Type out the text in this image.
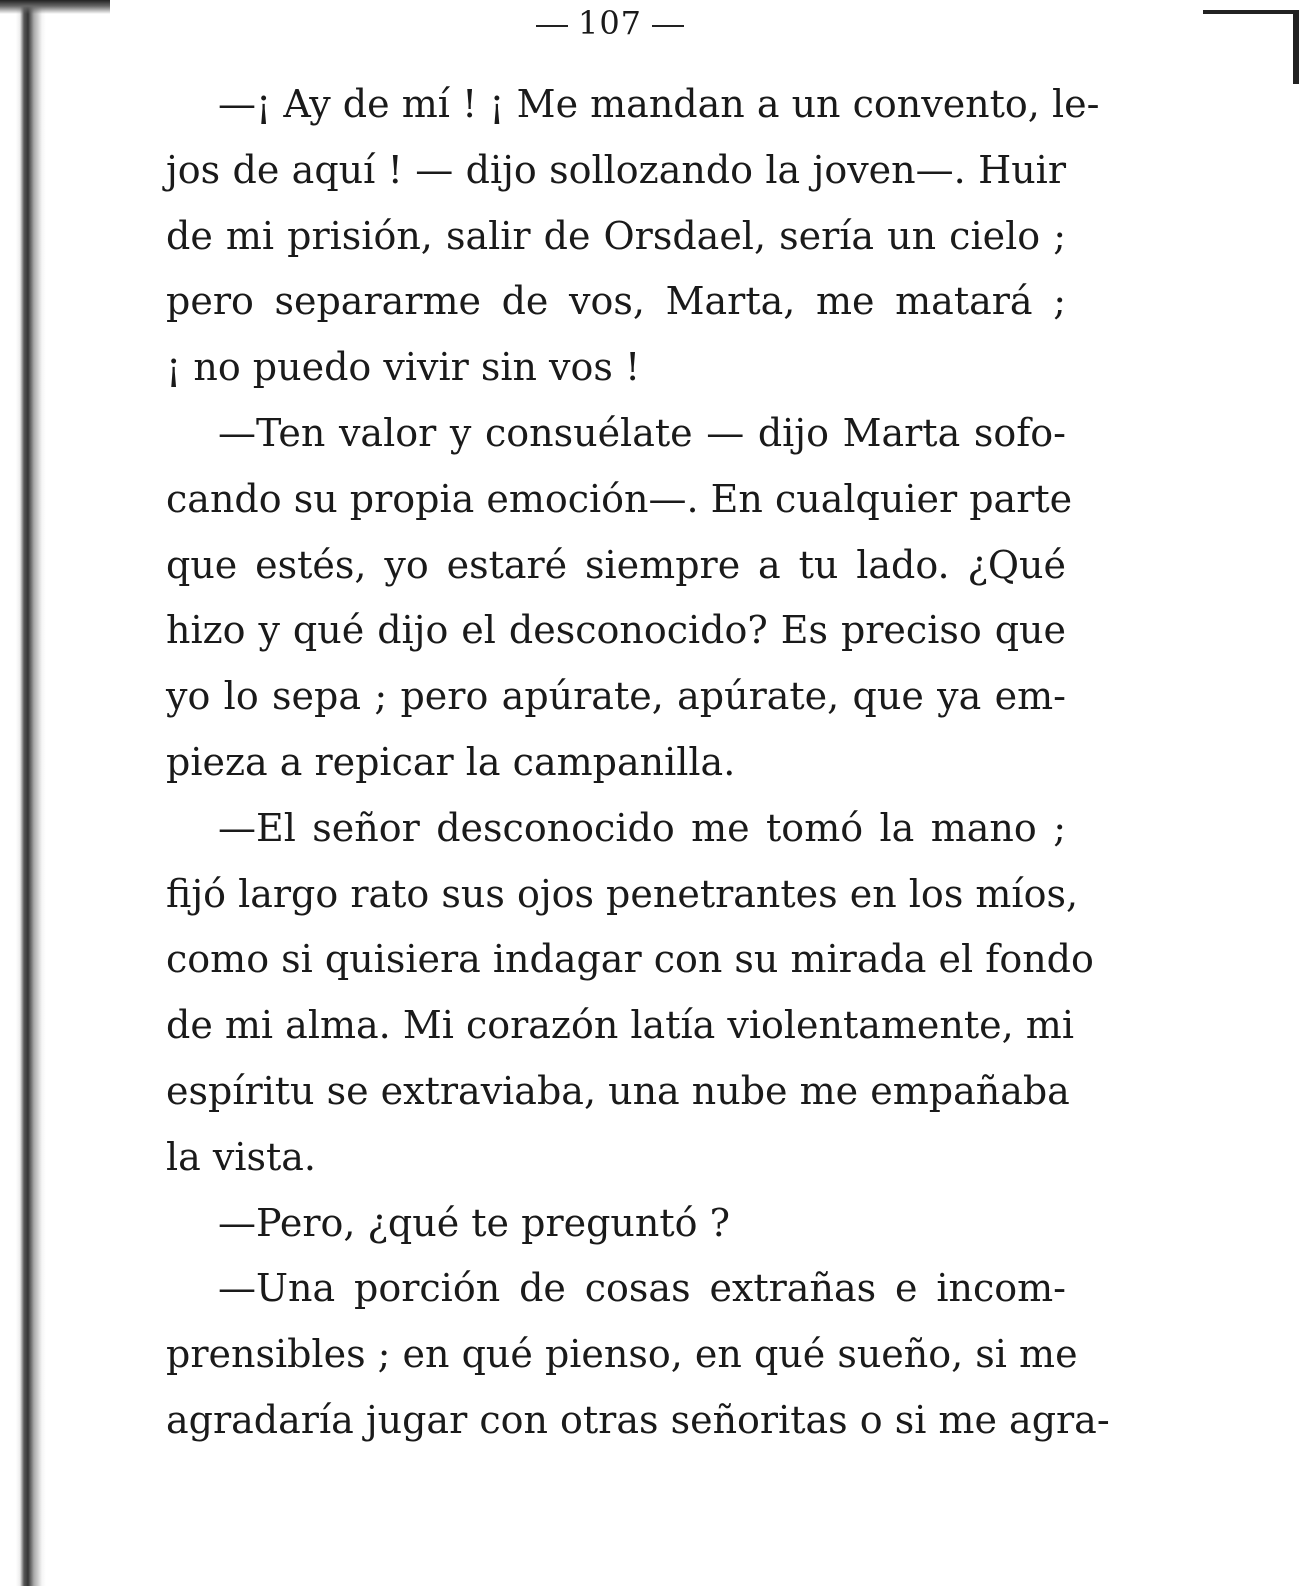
107
—¡ Ay de mí ! ¡ Me mandan a un convento, le-
jos de aquí ! — dijo sollozando la joven—. Huir
de mi prisión, salir de Orsdael, sería un cielo ;
pero separarme de vos, Marta, me matará ;
¡ no puedo vivir sin vos !
—Ten valor y consuélate — dijo Marta sofo-
cando su propia emoción—. En cualquier parte
que estés, yo estaré siempre a tu lado. ¿Qué
hizo y qué dijo el desconocido? Es preciso que
yo lo sepa ; pero apúrate, apúrate, que ya em-
pieza a repicar la campanilla.
—El señor desconocido me tomó la mano ;
fijó largo rato sus ojos penetrantes en los míos,
como si quisiera indagar con su mirada el fondo
de mi alma. Mi corazón latía violentamente, mi
espíritu se extraviaba, una nube me empañaba
la vista.
—Pero, ¿qué te preguntó ?
—Una porción de cosas extrañas e incom-
prensibles ; en qué pienso, en qué sueño, si me
agradaría jugar con otras señoritas o si me agra-
